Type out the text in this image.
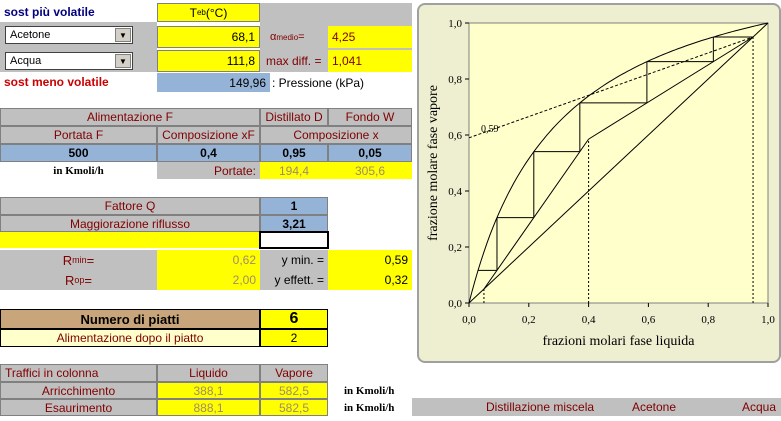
sost più volatile	T eb (°C)
Acetone	▼	68,1	α medio =	4,25
Acqua	▼	111,8 max diff. = 1,041
sost meno volatile	149,96 : Pressione (kPa)
Alimentazione F	Distillato D	Fondo W
Portata F	Composizione xF	Composizione x
500	0,4	0,95	0,05
in Kmoli/h	Portate:	194,4	305,6
Fattore Q	1
Maggiorazione riflusso	3,21
R min =	0,62	y min. =	0,59
R op =	2,00	y effett. =	0,32
Numero di piatti	6
Alimentazione dopo il piatto	2
Traffici in colonna	Liquido	Vapore
Arricchimento	388,1	582,5	in Kmoli/h
Esaurimento	888,1	582,5	in Kmoli/h	Distillazione miscela	Acetone	Acqua
0,0	0,2	0,4	0,6	0,8	1,0
0,0
0,2
0,4
0,6
0,8
1,0
0,59
frazioni molari fase liquida
frazione molare fase vapore
